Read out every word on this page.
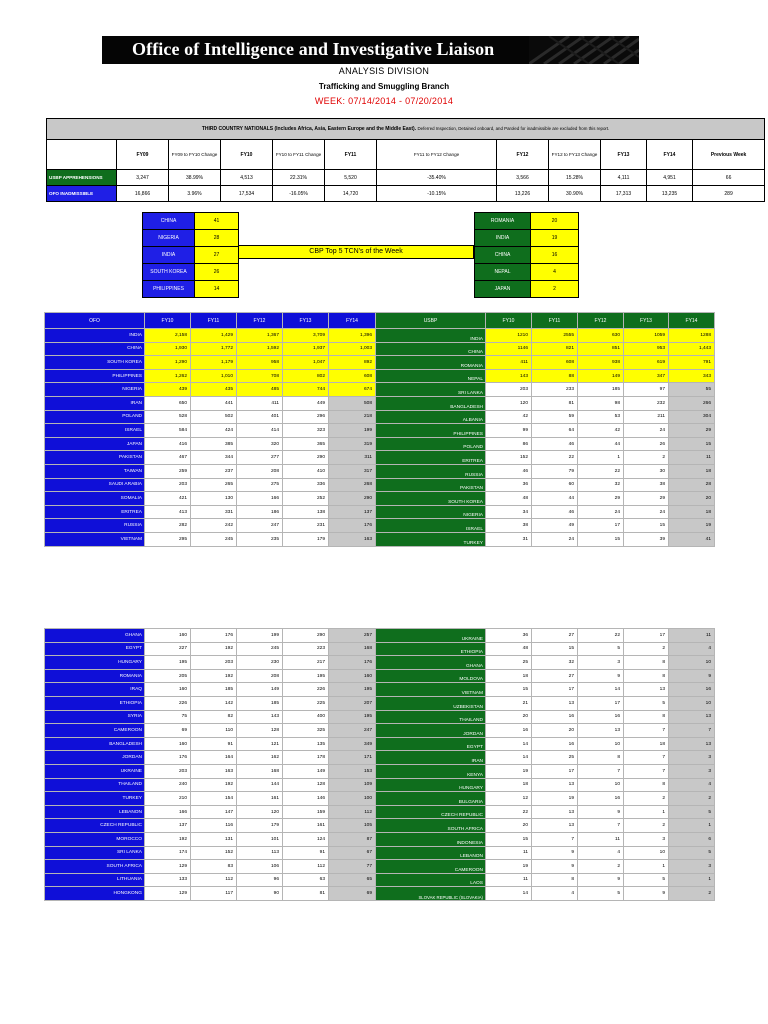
Office of Intelligence and Investigative Liaison
ANALYSIS DIVISION
Trafficking and Smuggling Branch
WEEK: 07/14/2014 - 07/20/2014
THIRD COUNTRY NATIONALS (Includes Africa, Asia, Eastern Europe and the Middle East). Deferred Inspection, Detained onboard, and Paroled for inadmissible are excluded from this report.											
	FY09	FY09 to FY10 Change	FY10	FY10 to FY11 Change	FY11	FY11 to FY12 Change	FY12	FY12 to FY13 Change	FY13	FY14	Previous Week
USBP APPREHENSIONS	3,247	38.99%	4,513	22.31%	5,520	-35.40%	3,566	15.28%	4,111	4,951	66
OFO INADMISSIBLE	16,866	3.96%	17,534	-16.05%	14,720	-10.15%	13,226	30.90%	17,313	13,235	289
CHINA	41
NIGERIA	28
INDIA	27
SOUTH KOREA	26
PHILIPPINES	14
CBP Top 5 TCN's of the Week
ROMANIA	20
INDIA	19
CHINA	16
NEPAL	4
JAPAN	2
OFO	FY10	FY11	FY12	FY13	FY14	USBP	FY10	FY11	FY12	FY13	FY14
INDIA	2,158	1,429	1,367	3,709	1,396	INDIA	1210	2555	630	1059	1288
CHINA	1,930	1,772	1,592	1,937	1,003	CHINA	1146	821	851	953	1,443
SOUTH KOREA	1,290	1,179	958	1,047	892	ROMANIA	411	608	938	619	791
PHILIPPINES	1,262	1,010	708	802	608	NEPAL	143	88	149	347	343
NIGERIA	439	435	485	744	674	SRI LANKA	203	233	185	97	55
IRAN	650	441	411	449	508	BANGLADESH	120	81	98	232	266
POLAND	528	502	401	296	218	ALBANIA	42	59	53	211	304
ISRAEL	584	424	414	323	199	PHILIPPINES	99	64	42	24	29
JAPAN	416	385	320	365	319	POLAND	86	46	44	26	15
PAKISTAN	467	344	277	290	311	ERITREA	152	22	1	2	11
TAIWAN	259	237	208	410	317	RUSSIA	46	79	22	30	18
SAUDI ARABIA	203	265	275	336	268	PAKISTAN	36	60	32	38	28
SOMALIA	421	130	166	252	290	SOUTH KOREA	48	44	29	29	20
ERITREA	413	331	186	138	137	NIGERIA	34	46	24	24	18
RUSSIA	282	242	247	231	176	ISRAEL	38	49	17	15	19
VIETNAM	295	245	235	179	163	TURKEY	31	24	15	39	41
GHANA	160	176	199	290	257	UKRAINE	36	27	22	17	11
EGYPT	227	192	245	223	168	ETHIOPIA	48	15	5	2	4
HUNGARY	195	203	230	217	176	GHANA	25	32	3	8	10
ROMANIA	205	192	208	195	160	MOLDOVA	18	27	9	8	9
IRAQ	160	185	149	226	195	VIETNAM	15	17	14	13	16
ETHIOPIA	226	142	185	225	207	UZBEKISTAN	21	13	17	5	10
SYRIA	75	82	143	400	195	THAILAND	20	16	16	8	13
CAMEROON	69	110	128	325	247	JORDAN	16	20	13	7	7
BANGLADESH	160	91	121	135	349	EGYPT	14	16	10	18	13
JORDAN	176	164	162	178	171	IRAN	14	25	8	7	3
UKRAINE	203	163	168	149	153	KENYA	19	17	7	7	3
THAILAND	240	192	144	128	109	HUNGARY	18	13	10	8	4
TURKEY	210	154	161	146	100	BULGARIA	12	19	16	2	2
LEBANON	166	147	120	159	112	CZECH REPUBLIC	22	13	9	1	5
CZECH REPUBLIC	137	116	179	161	105	SOUTH AFRICA	20	13	7	2	1
MOROCCO	192	131	101	124	87	INDONESIA	15	7	11	3	6
SRI LANKA	174	152	113	91	67	LEBANON	11	9	4	10	5
SOUTH AFRICA	129	83	106	112	77	CAMEROON	19	9	2	1	3
LITHUANIA	133	112	96	63	65	LAOS	11	8	9	5	1
HONGKONG	129	117	90	81	69	SLOVAK REPUBLIC (SLOVAKIA)	14	4	5	9	2
